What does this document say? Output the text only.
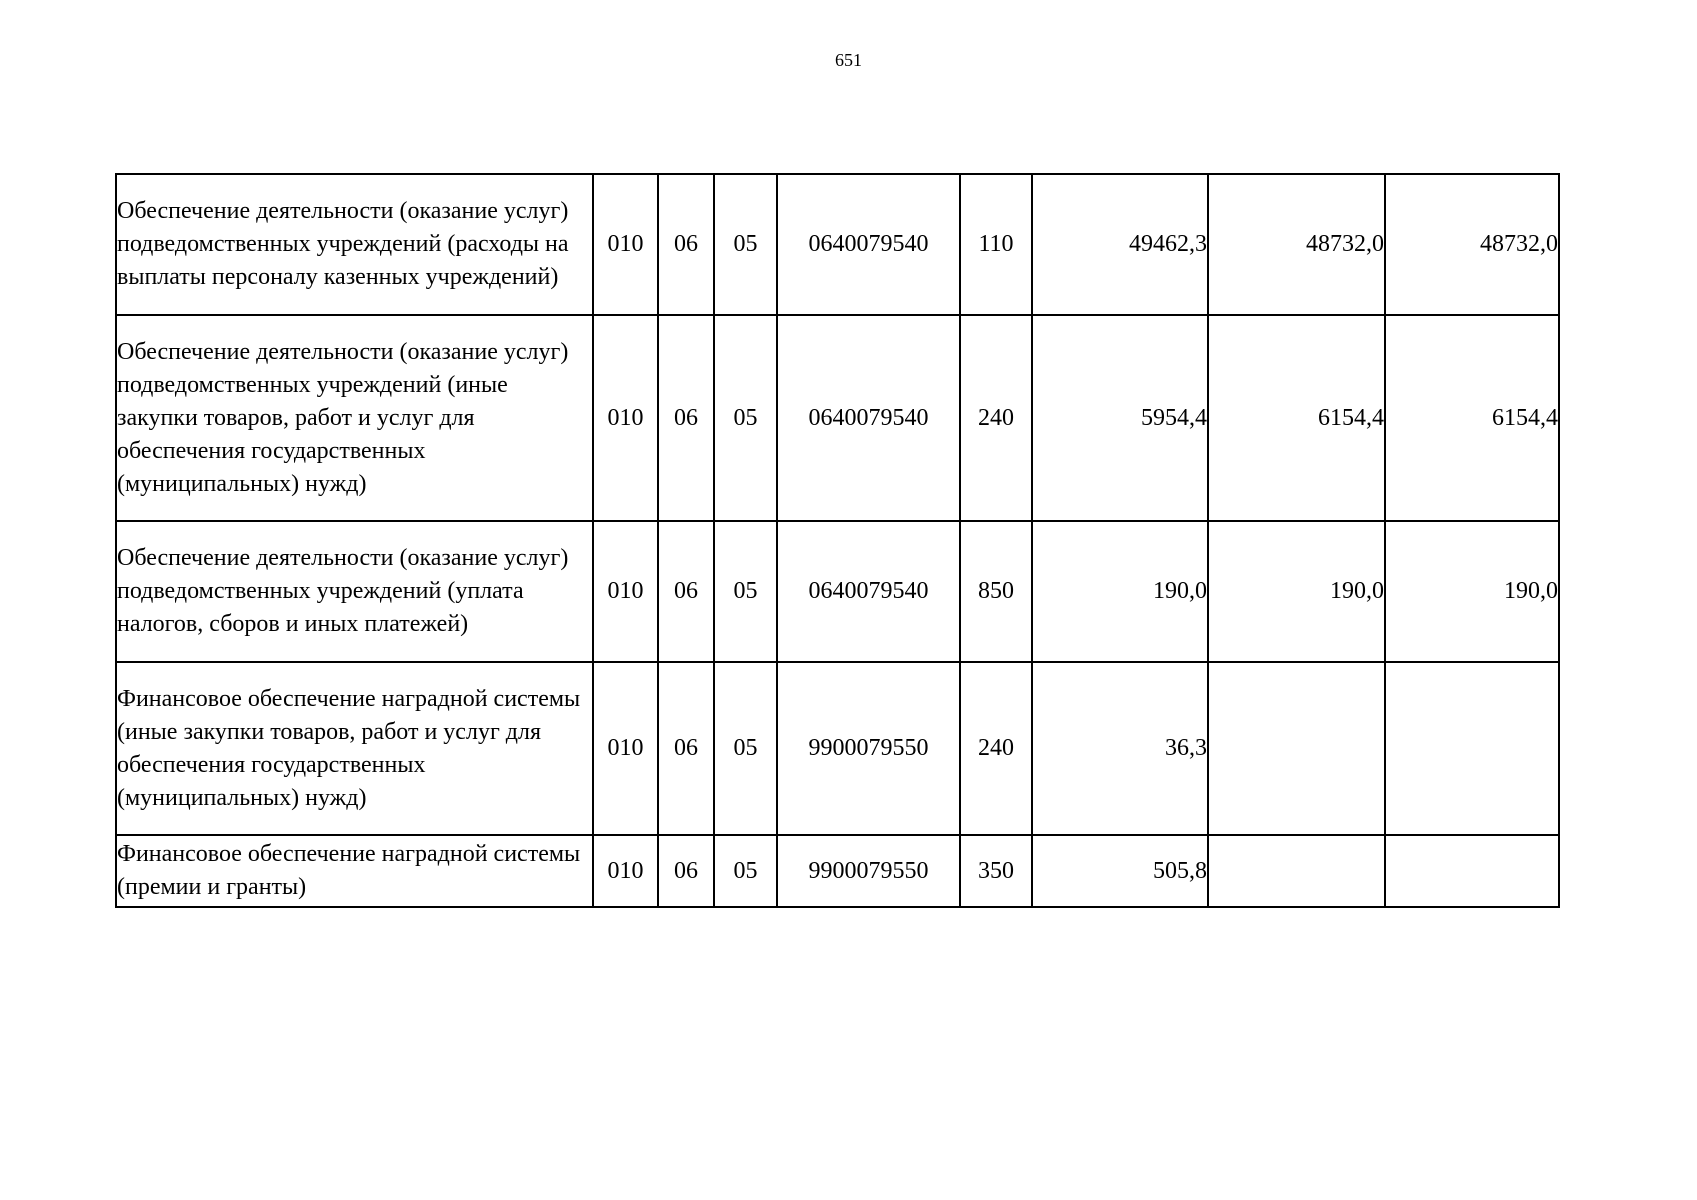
651
Обеспечение деятельности (оказание услуг) подведомственных учреждений (расходы на выплаты персоналу казенных учреждений)	010	06	05	0640079540	110	49462,3	48732,0	48732,0
Обеспечение деятельности (оказание услуг) подведомственных учреждений (иные закупки товаров, работ и услуг для обеспечения государственных (муниципальных) нужд)	010	06	05	0640079540	240	5954,4	6154,4	6154,4
Обеспечение деятельности (оказание услуг) подведомственных учреждений (уплата налогов, сборов и иных платежей)	010	06	05	0640079540	850	190,0	190,0	190,0
Финансовое обеспечение наградной системы (иные закупки товаров, работ и услуг для обеспечения государственных (муниципальных) нужд)	010	06	05	9900079550	240	36,3		
Финансовое обеспечение наградной системы (премии и гранты)	010	06	05	9900079550	350	505,8		
